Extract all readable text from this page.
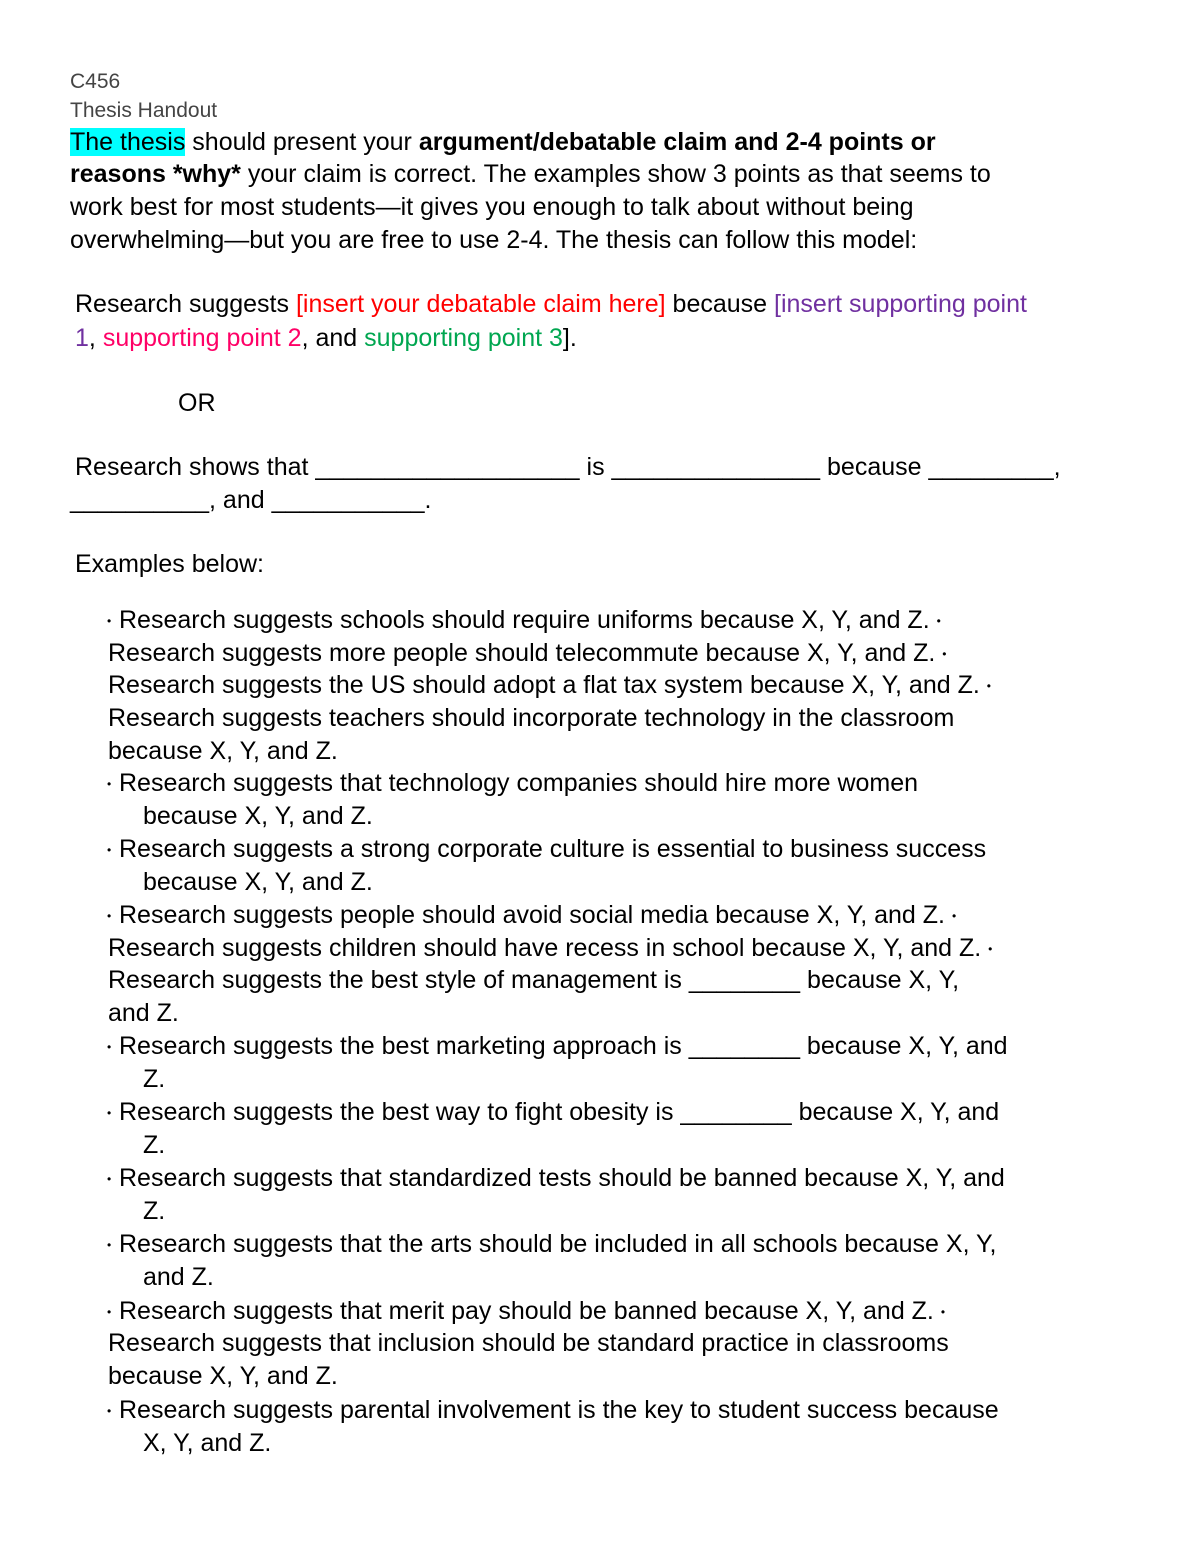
C456
Thesis Handout
The thesis should present your argument/debatable claim and 2-4 points or
reasons *why* your claim is correct. The examples show 3 points as that seems to
work best for most students—it gives you enough to talk about without being
overwhelming—but you are free to use 2-4. The thesis can follow this model:
Research suggests [insert your debatable claim here] because [insert supporting point
1, supporting point 2, and supporting point 3].
OR
Research shows that ___________________ is _______________ because _________,
__________, and ___________.
Examples below:
• Research suggests schools should require uniforms because X, Y, and Z. •
Research suggests more people should telecommute because X, Y, and Z. •
Research suggests the US should adopt a flat tax system because X, Y, and Z. •
Research suggests teachers should incorporate technology in the classroom
because X, Y, and Z.
• Research suggests that technology companies should hire more women
because X, Y, and Z.
• Research suggests a strong corporate culture is essential to business success
because X, Y, and Z.
• Research suggests people should avoid social media because X, Y, and Z. •
Research suggests children should have recess in school because X, Y, and Z. •
Research suggests the best style of management is ________ because X, Y,
and Z.
• Research suggests the best marketing approach is ________ because X, Y, and
Z.
• Research suggests the best way to fight obesity is ________ because X, Y, and
Z.
• Research suggests that standardized tests should be banned because X, Y, and
Z.
• Research suggests that the arts should be included in all schools because X, Y,
and Z.
• Research suggests that merit pay should be banned because X, Y, and Z. •
Research suggests that inclusion should be standard practice in classrooms
because X, Y, and Z.
• Research suggests parental involvement is the key to student success because
X, Y, and Z.
